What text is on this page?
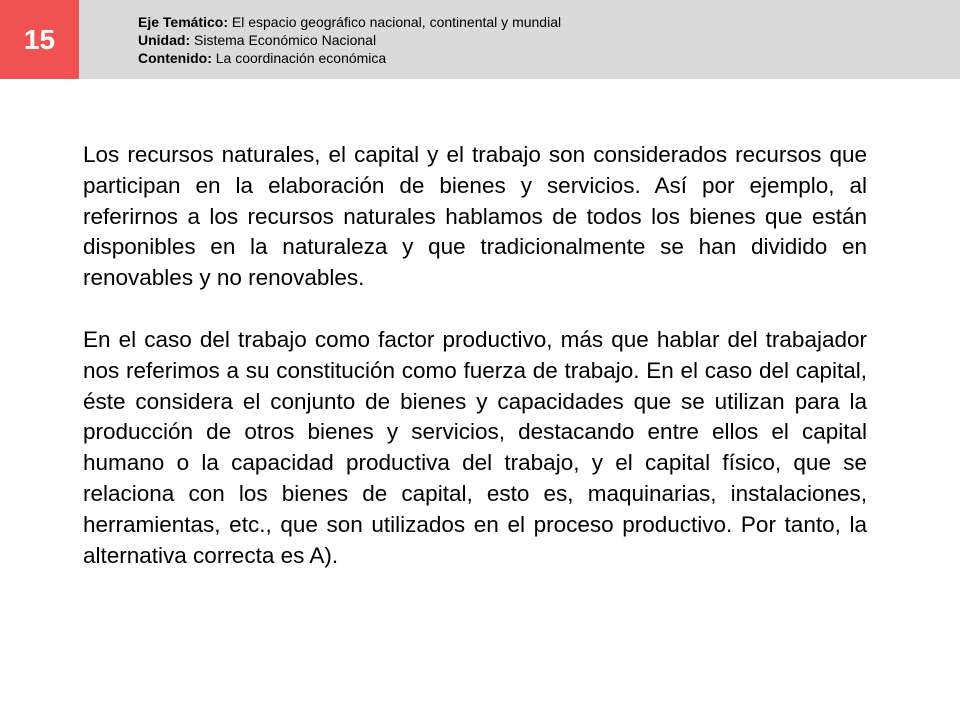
15
Eje Temático: El espacio geográfico nacional, continental y mundial
Unidad: Sistema Económico Nacional
Contenido: La coordinación económica

Los recursos naturales, el capital y el trabajo son considerados recursos que participan en la elaboración de bienes y servicios. Así por ejemplo, al referirnos a los recursos naturales hablamos de todos los bienes que están disponibles en la naturaleza y que tradicionalmente se han dividido en renovables y no renovables.

En el caso del trabajo como factor productivo, más que hablar del trabajador nos referimos a su constitución como fuerza de trabajo. En el caso del capital, éste considera el conjunto de bienes y capacidades que se utilizan para la producción de otros bienes y servicios, destacando entre ellos el capital humano o la capacidad productiva del trabajo, y el capital físico, que se relaciona con los bienes de capital, esto es, maquinarias, instalaciones, herramientas, etc., que son utilizados en el proceso productivo. Por tanto, la alternativa correcta es A).
